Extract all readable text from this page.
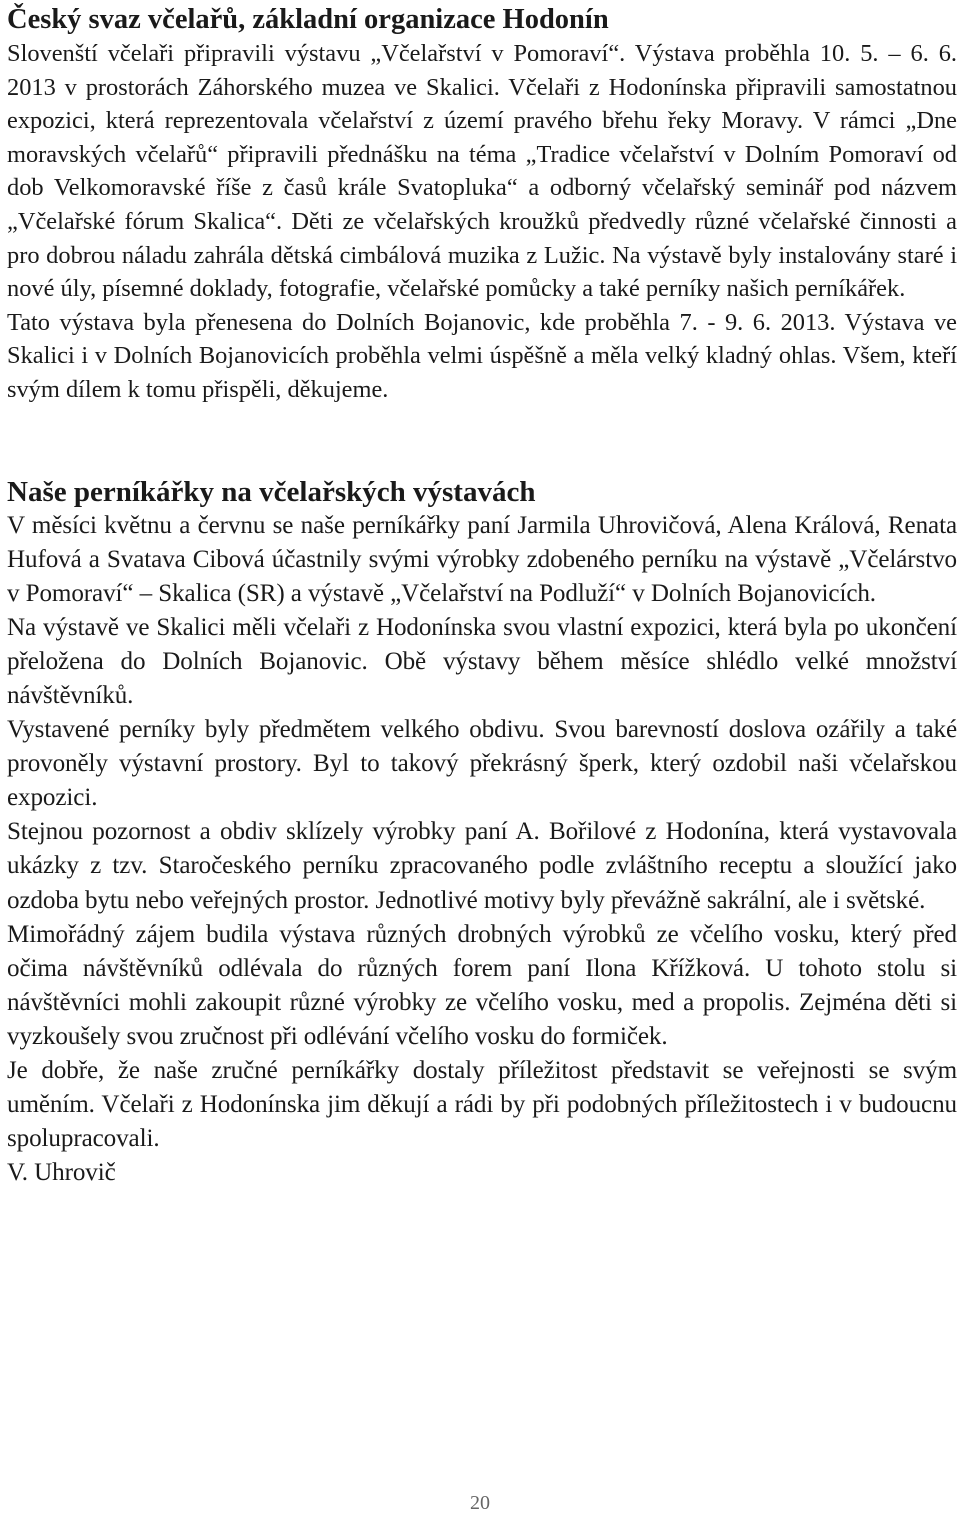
Český svaz včelařů, základní organizace Hodonín

Slovenští včelaři připravili výstavu „Včelařství v Pomoraví“. Výstava proběhla 10. 5. – 6. 6. 2013 v prostorách Záhorského muzea ve Skalici. Včelaři z Hodonínska připravili samostatnou expozici, která reprezentovala včelařství z území pravého břehu řeky Moravy. V rámci „Dne moravských včelařů“ připravili přednášku na téma „Tradice včelařství v Dolním Pomoraví od dob Velkomoravské říše z časů krále Svatopluka“ a odborný včelařský seminář pod názvem „Včelařské fórum Skalica“. Děti ze včelařských kroužků předvedly různé včelařské činnosti a pro dobrou náladu zahrála dětská cimbálová muzika z Lužic. Na výstavě byly instalovány staré i nové úly, písemné doklady, fotografie, včelařské pomůcky a také perníky našich perníkářek.

Tato výstava byla přenesena do Dolních Bojanovic, kde proběhla 7. - 9. 6. 2013. Výstava ve Skalici i v Dolních Bojanovicích proběhla velmi úspěšně a měla velký kladný ohlas. Všem, kteří svým dílem k tomu přispěli, děkujeme.

Naše perníkářky na včelařských výstavách

V měsíci květnu a červnu se naše perníkářky paní Jarmila Uhrovičová, Alena Králová, Renata Hufová a Svatava Cibová účastnily svými výrobky zdobeného perníku na výstavě „Včelárstvo v Pomoraví“ – Skalica (SR) a výstavě „Včelařství na Podluží“ v Dolních Bojanovicích.

Na výstavě ve Skalici měli včelaři z Hodonínska svou vlastní expozici, která byla po ukončení přeložena do Dolních Bojanovic. Obě výstavy během měsíce shlédlo velké množství návštěvníků.

Vystavené perníky byly předmětem velkého obdivu. Svou barevností doslova ozářily a také provoněly výstavní prostory. Byl to takový překrásný šperk, který ozdobil naši včelařskou expozici.

Stejnou pozornost a obdiv sklízely výrobky paní A. Bořilové z Hodonína, která vystavovala ukázky z tzv. Staročeského perníku zpracovaného podle zvláštního receptu a sloužící jako ozdoba bytu nebo veřejných prostor. Jednotlivé motivy byly převážně sakrální, ale i světské.

Mimořádný zájem budila výstava různých drobných výrobků ze včelího vosku, který před očima návštěvníků odlévala do různých forem paní Ilona Křížková. U tohoto stolu si návštěvníci mohli zakoupit různé výrobky ze včelího vosku, med a propolis. Zejména děti si vyzkoušely svou zručnost při odlévání včelího vosku do formiček.

Je dobře, že naše zručné perníkářky dostaly příležitost představit se veřejnosti se svým uměním. Včelaři z Hodonínska jim děkují a rádi by při podobných příležitostech i v budoucnu spolupracovali.

V. Uhrovič

20
